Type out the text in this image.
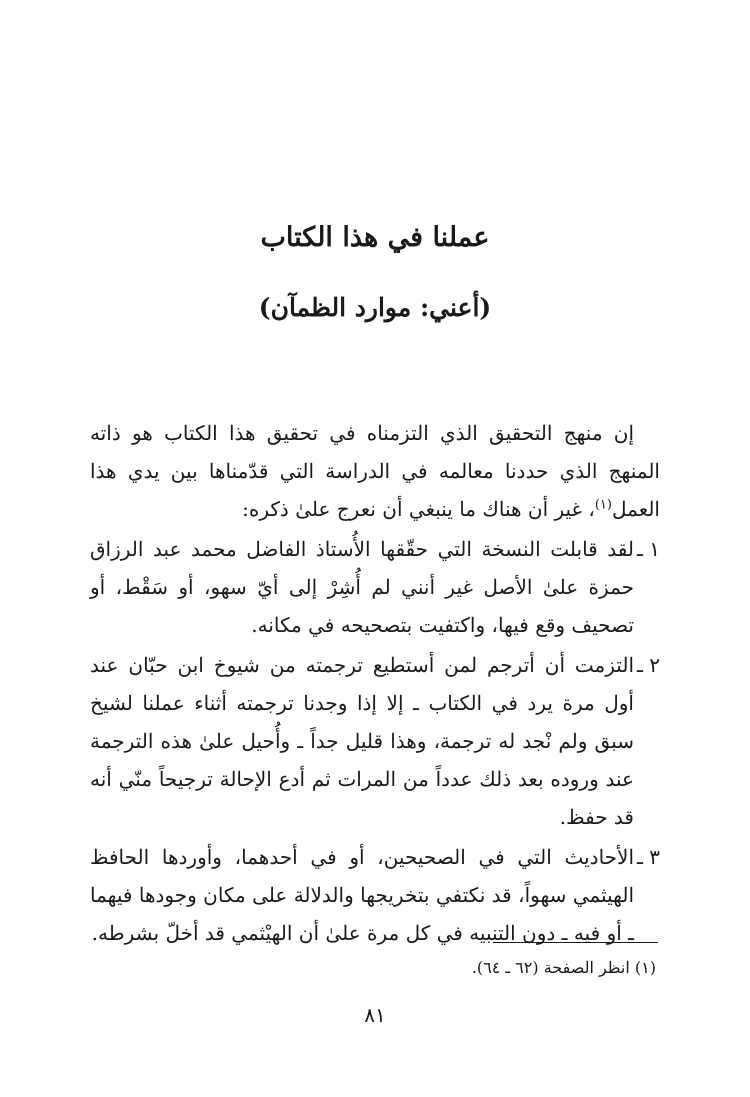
عملنا في هذا الكتاب
(أعني: موارد الظمآن)

إن منهج التحقيق الذي التزمناه في تحقيق هذا الكتاب هو ذاته المنهج الذي حددنا معالمه في الدراسة التي قدّمناها بين يدي هذا العمل$^{(١)}$، غير أن هناك ما ينبغي أن نعرج علىٰ ذكره:

١ ـ
لقد قابلت النسخة التي حقّقها الأُستاذ الفاضل محمد عبد الرزاق حمزة علىٰ الأصل غير أنني لم أُشِرْ إلى أيّ سهو، أو سَقْط، أو تصحيف وقع فيها، واكتفيت بتصحيحه في مكانه.

٢ ـ
التزمت أن أترجم لمن أستطيع ترجمته من شيوخ ابن حبّان عند أول مرة يرد في الكتاب ـ إلا إذا وجدنا ترجمته أثناء عملنا لشيخ سبق ولم نْجد له ترجمة، وهذا قليل جداً ـ وأُحيل علىٰ هذه الترجمة عند وروده بعد ذلك عدداً من المرات ثم أدع الإحالة ترجيحاً منّي أنه قد حفظ.

٣ ـ
الأحاديث التي في الصحيحين، أو في أحدهما، وأوردها الحافظ الهيثمي سهواً، قد نكتفي بتخريجها والدلالة على مكان وجودها فيهما ـ أو فيه ـ دون التنبيه في كل مرة علىٰ أن الهيْثمي قد أخلّ بشرطه.

(١) انظر الصفحة (٦٢ ـ ٦٤).

٨١
